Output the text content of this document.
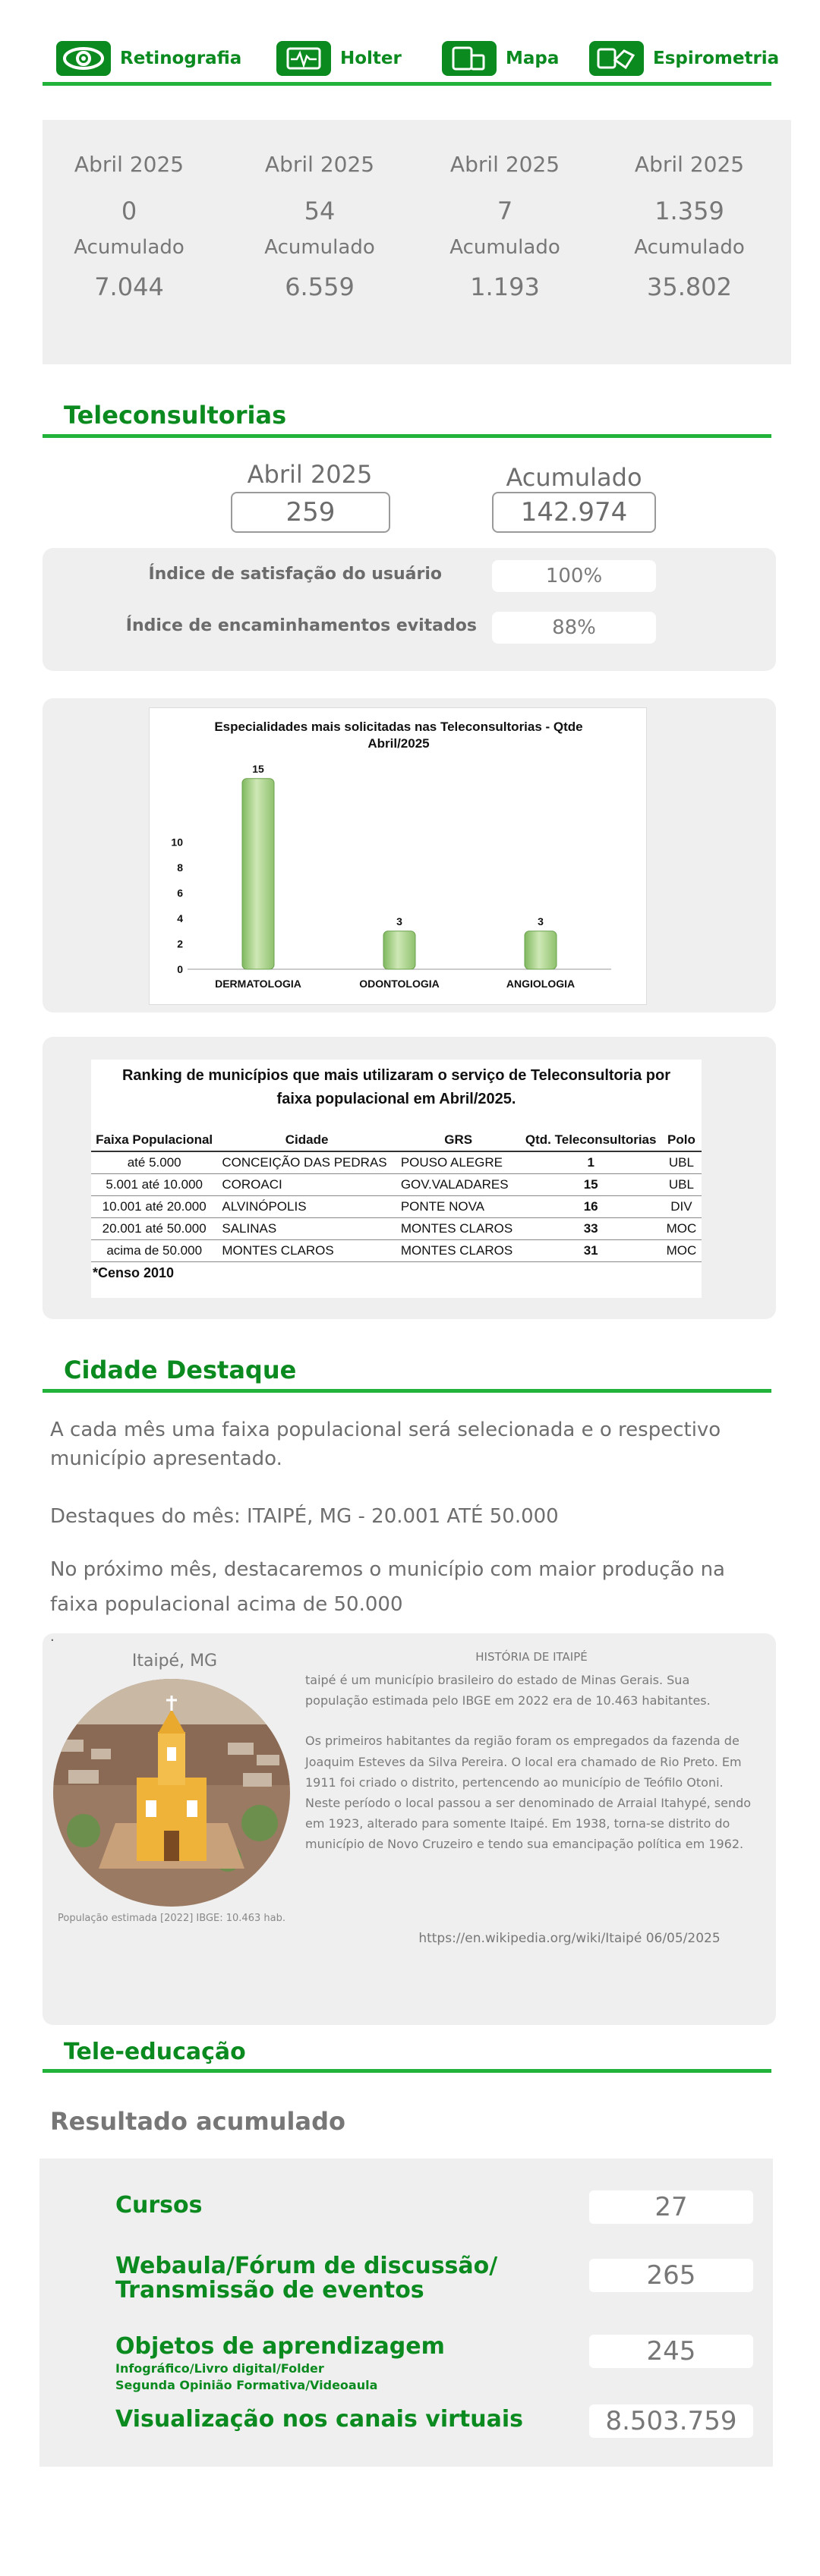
Retinografia	Holter	Mapa	Espirometria
Abril 2025
0
Acumulado
7.044
Abril 2025
54
Acumulado
6.559
Abril 2025
7
Acumulado
1.193
Abril 2025
1.359
Acumulado
35.802
Teleconsultorias
Abril 2025
259
Acumulado
142.974
Índice de satisfação do usuário	100%
Índice de encaminhamentos evitados	88%
Especialidades mais solicitadas nas Teleconsultorias - Qtde
Abril/2025
0
2
4
6
8
10
15
DERMATOLOGIA
3
ODONTOLOGIA
3
ANGIOLOGIA
Ranking de municípios que mais utilizaram o serviço de Teleconsultoria por
faixa populacional em Abril/2025.
Faixa Populacional	Cidade	GRS	Qtd. Teleconsultorias	Polo
até 5.000	CONCEIÇÃO DAS PEDRAS	POUSO ALEGRE	1	UBL
5.001 até 10.000	COROACI	GOV.VALADARES	15	UBL
10.001 até 20.000	ALVINÓPOLIS	PONTE NOVA	16	DIV
20.001 até 50.000	SALINAS	MONTES CLAROS	33	MOC
acima de 50.000	MONTES CLAROS	MONTES CLAROS	31	MOC
*Censo 2010
Cidade Destaque
A cada mês uma faixa populacional será selecionada e o respectivo município apresentado.
Destaques do mês: ITAIPÉ, MG - 20.001 ATÉ 50.000
No próximo mês, destacaremos o município com maior produção na
faixa populacional acima de 50.000
.
Itaipé, MG	HISTÓRIA DE ITAIPÉ
taipé é um município brasileiro do estado de Minas Gerais. Sua população estimada pelo IBGE em 2022 era de 10.463 habitantes.
Os primeiros habitantes da região foram os empregados da fazenda de Joaquim Esteves da Silva Pereira. O local era chamado de Rio Preto. Em 1911 foi criado o distrito, pertencendo ao município de Teófilo Otoni. Neste período o local passou a ser denominado de Arraial Itahypé, sendo em 1923, alterado para somente Itaipé. Em 1938, torna-se distrito do município de Novo Cruzeiro e tendo sua emancipação política em 1962.
População estimada [2022] IBGE: 10.463 hab.
https://en.wikipedia.org/wiki/Itaipé 06/05/2025
Tele-educação
Resultado acumulado
Cursos	27
Webaula/Fórum de discussão/
Transmissão de eventos	265
Objetos de aprendizagem
Infográfico/Livro digital/Folder
Segunda Opinião Formativa/Videoaula
245
Visualização nos canais virtuais	8.503.759
